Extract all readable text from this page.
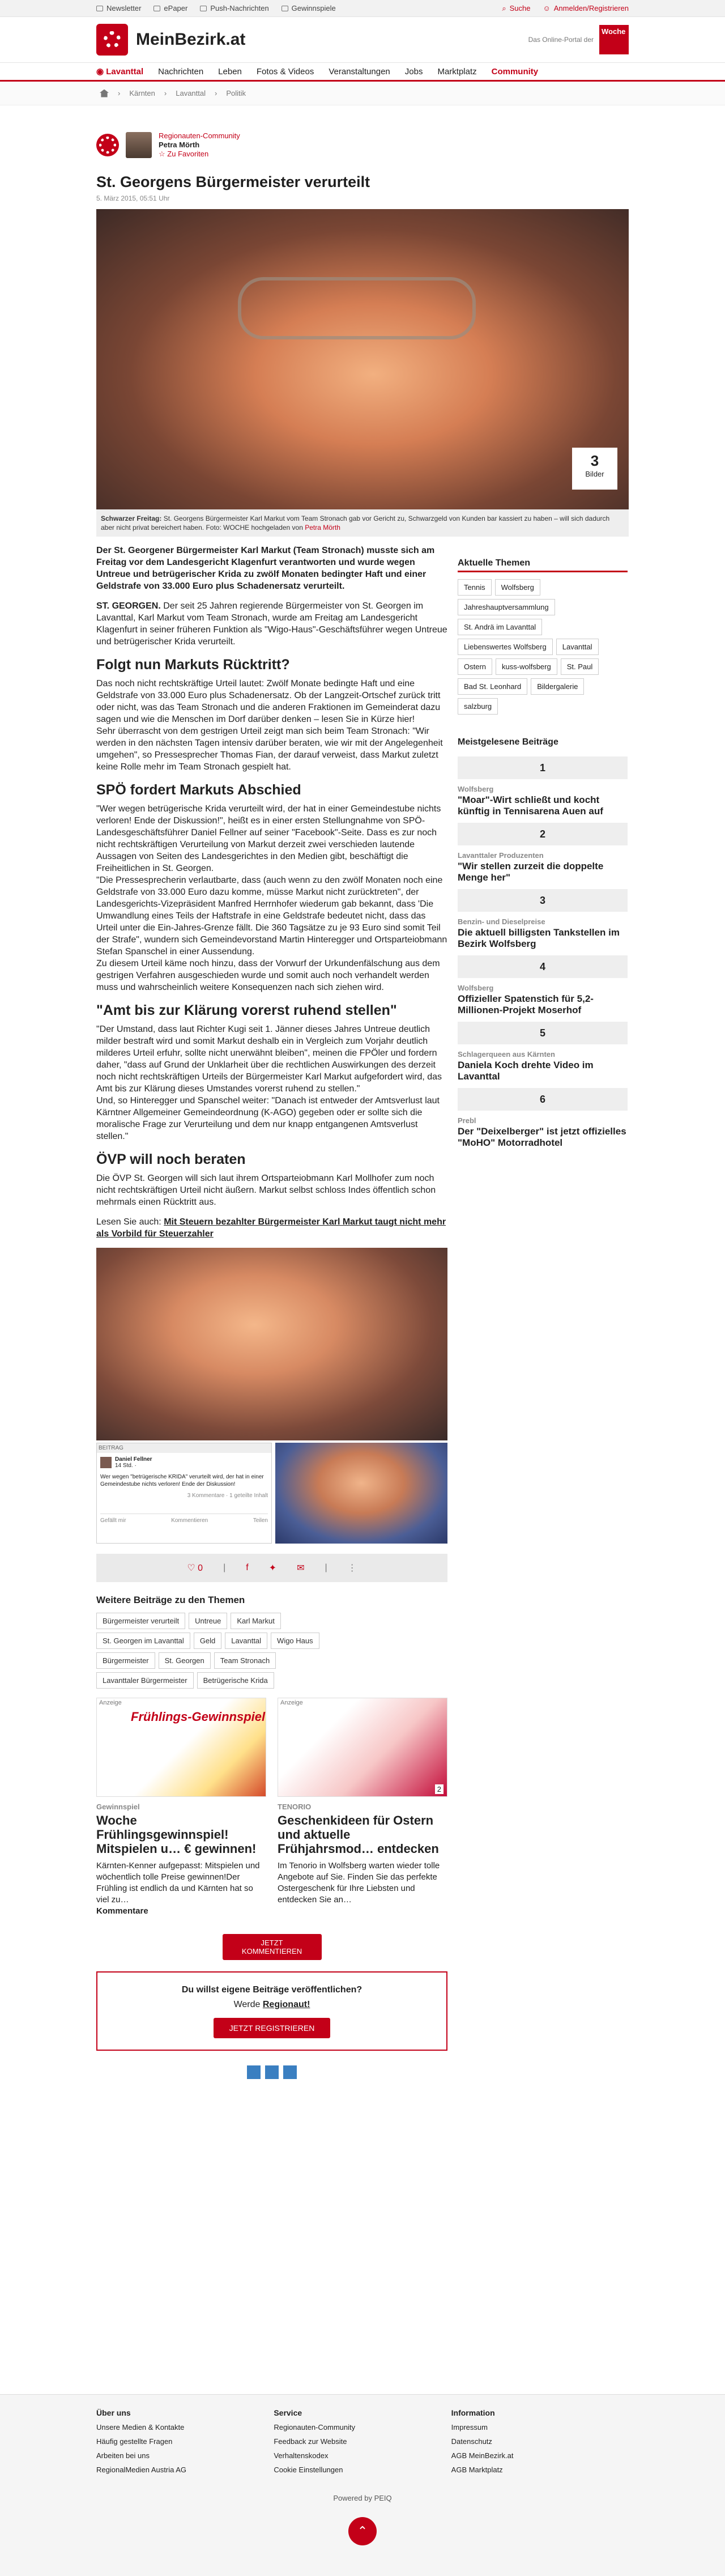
Newsletter	ePaper	Push-Nachrichten	Gewinnspiele	⌕ Suche ☺ Anmelden/Registrieren
MeinBezirk.at	Das Online-Portal der
Woche
◉ Lavanttal Nachrichten Leben Fotos & Videos Veranstaltungen Jobs Marktplatz Community
› Kärnten › Lavanttal › Politik
Regionauten-Community
Petra Mörth
☆ Zu Favoriten
St. Georgens Bürgermeister verurteilt
5. März 2015, 05:51 Uhr
3
Bilder
Schwarzer Freitag: St. Georgens Bürgermeister Karl Markut vom Team Stronach gab vor Gericht zu, Schwarzgeld von Kunden bar kassiert zu haben – will sich dadurch aber nicht privat bereichert haben. Foto: WOCHE hochgeladen von Petra Mörth

Der St. Georgener Bürgermeister Karl Markut (Team Stronach) musste sich am Freitag vor dem Landesgericht Klagenfurt verantworten und wurde wegen Untreue und betrügerischer Krida zu zwölf Monaten bedingter Haft und einer Geldstrafe von 33.000 Euro plus Schadenersatz verurteilt.

ST. GEORGEN. Der seit 25 Jahren regierende Bürgermeister von St. Georgen im Lavanttal, Karl Markut vom Team Stronach, wurde am Freitag am Landesgericht Klagenfurt in seiner früheren Funktion als "Wigo-Haus"-Geschäftsführer wegen Untreue und betrügerischer Krida verurteilt.

Folgt nun Markuts Rücktritt?

Das noch nicht rechtskräftige Urteil lautet: Zwölf Monate bedingte Haft und eine Geldstrafe von 33.000 Euro plus Schadenersatz. Ob der Langzeit-Ortschef zurück tritt oder nicht, was das Team Stronach und die anderen Fraktionen im Gemeinderat dazu sagen und wie die Menschen im Dorf darüber denken – lesen Sie in Kürze hier!

Sehr überrascht von dem gestrigen Urteil zeigt man sich beim Team Stronach: "Wir werden in den nächsten Tagen intensiv darüber beraten, wie wir mit der Angelegenheit umgehen", so Pressesprecher Thomas Fian, der darauf verweist, dass Markut zuletzt keine Rolle mehr im Team Stronach gespielt hat.

SPÖ fordert Markuts Abschied

"Wer wegen betrügerische Krida verurteilt wird, der hat in einer Gemeindestube nichts verloren! Ende der Diskussion!", heißt es in einer ersten Stellungnahme von SPÖ-Landesgeschäftsführer Daniel Fellner auf seiner "Facebook"-Seite. Dass es zur noch nicht rechtskräftigen Verurteilung von Markut derzeit zwei verschieden lautende Aussagen von Seiten des Landesgerichtes in den Medien gibt, beschäftigt die Freiheitlichen in St. Georgen.

"Die Pressesprecherin verlautbarte, dass (auch wenn zu den zwölf Monaten noch eine Geldstrafe von 33.000 Euro dazu komme, müsse Markut nicht zurücktreten", der Landesgerichts-Vizepräsident Manfred Herrnhofer wiederum gab bekannt, dass 'Die Umwandlung eines Teils der Haftstrafe in eine Geldstrafe bedeutet nicht, dass das Urteil unter die Ein-Jahres-Grenze fällt. Die 360 Tagsätze zu je 93 Euro sind somit Teil der Strafe", wundern sich Gemeindevorstand Martin Hinteregger und Ortsparteiobmann Stefan Spanschel in einer Aussendung.

Zu diesem Urteil käme noch hinzu, dass der Vorwurf der Urkundenfälschung aus dem gestrigen Verfahren ausgeschieden wurde und somit auch noch verhandelt werden muss und wahrscheinlich weitere Konsequenzen nach sich ziehen wird.

"Amt bis zur Klärung vorerst ruhend stellen"

"Der Umstand, dass laut Richter Kugi seit 1. Jänner dieses Jahres Untreue deutlich milder bestraft wird und somit Markut deshalb ein in Vergleich zum Vorjahr deutlich milderes Urteil erfuhr, sollte nicht unerwähnt bleiben", meinen die FPÖler und fordern daher, "dass auf Grund der Unklarheit über die rechtlichen Auswirkungen des derzeit noch nicht rechtskräftigen Urteils der Bürgermeister Karl Markut aufgefordert wird, das Amt bis zur Klärung dieses Umstandes vorerst ruhend zu stellen."

Und, so Hinteregger und Spanschel weiter: "Danach ist entweder der Amtsverlust laut Kärntner Allgemeiner Gemeindeordnung (K-AGO) gegeben oder er sollte sich die moralische Frage zur Verurteilung und dem nur knapp entgangenen Amtsverlust stellen."

ÖVP will noch beraten

Die ÖVP St. Georgen will sich laut ihrem Ortsparteiobmann Karl Mollhofer zum noch nicht rechtskräftigen Urteil nicht äußern. Markut selbst schloss Indes öffentlich schon mehrmals einen Rücktritt aus.

Lesen Sie auch: Mit Steuern bezahlter Bürgermeister Karl Markut taugt nicht mehr als Vorbild für Steuerzahler

BEITRAG
Daniel Fellner
14 Std. ·
Wer wegen "betrügerische KRIDA" verurteilt wird, der hat in einer Gemeindestube nichts verloren! Ende der Diskussion!
3 Kommentare · 1 geteilte Inhalt
Gefällt mir	Kommentieren	Teilen
♡ 0 | f ✦ ✉ | ⋮
Weitere Beiträge zu den Themen
Bürgermeister verurteilt	Untreue	Karl Markut
St. Georgen im Lavanttal	Geld	Lavanttal	Wigo Haus
Bürgermeister	St. Georgen	Team Stronach
Lavanttaler Bürgermeister	Betrügerische Krida
Anzeige
Frühlings-Gewinnspiel
Gewinnspiel
Woche Frühlingsgewinnspiel! Mitspielen u… € gewinnen!
Kärnten-Kenner aufgepasst: Mitspielen und wöchentlich tolle Preise gewinnen!Der Frühling ist endlich da und Kärnten hat so viel zu…
Kommentare
Anzeige
2
TENORIO
Geschenkideen für Ostern und aktuelle Frühjahrsmod… entdecken
Im Tenorio in Wolfsberg warten wieder tolle Angebote auf Sie. Finden Sie das perfekte Ostergeschenk für Ihre Liebsten und entdecken Sie an…
JETZT KOMMENTIEREN
Du willst eigene Beiträge veröffentlichen?
Werde Regionaut!
JETZT REGISTRIEREN
Aktuelle Themen
Tennis	Wolfsberg
Jahreshauptversammlung
St. Andrä im Lavanttal
Liebenswertes Wolfsberg	Lavanttal
Ostern	kuss-wolfsberg	St. Paul
Bad St. Leonhard	Bildergalerie
salzburg
Meistgelesene Beiträge
1
Wolfsberg
"Moar"-Wirt schließt und kocht künftig in Tennisarena Auen auf
2
Lavanttaler Produzenten
"Wir stellen zurzeit die doppelte Menge her"
3
Benzin- und Dieselpreise
Die aktuell billigsten Tankstellen im Bezirk Wolfsberg
4
Wolfsberg
Offizieller Spatenstich für 5,2-Millionen-Projekt Moserhof
5
Schlagerqueen aus Kärnten
Daniela Koch drehte Video im Lavanttal
6
Prebl
Der "Deixelberger" ist jetzt offizielles "MoHO" Motorradhotel
Über uns
Unsere Medien & Kontakte
Häufig gestellte Fragen
Arbeiten bei uns
RegionalMedien Austria AG
Service
Regionauten-Community
Feedback zur Website
Verhaltenskodex
Cookie Einstellungen
Information
Impressum
Datenschutz
AGB MeinBezirk.at
AGB Marktplatz
Powered by PEIQ
⌃
